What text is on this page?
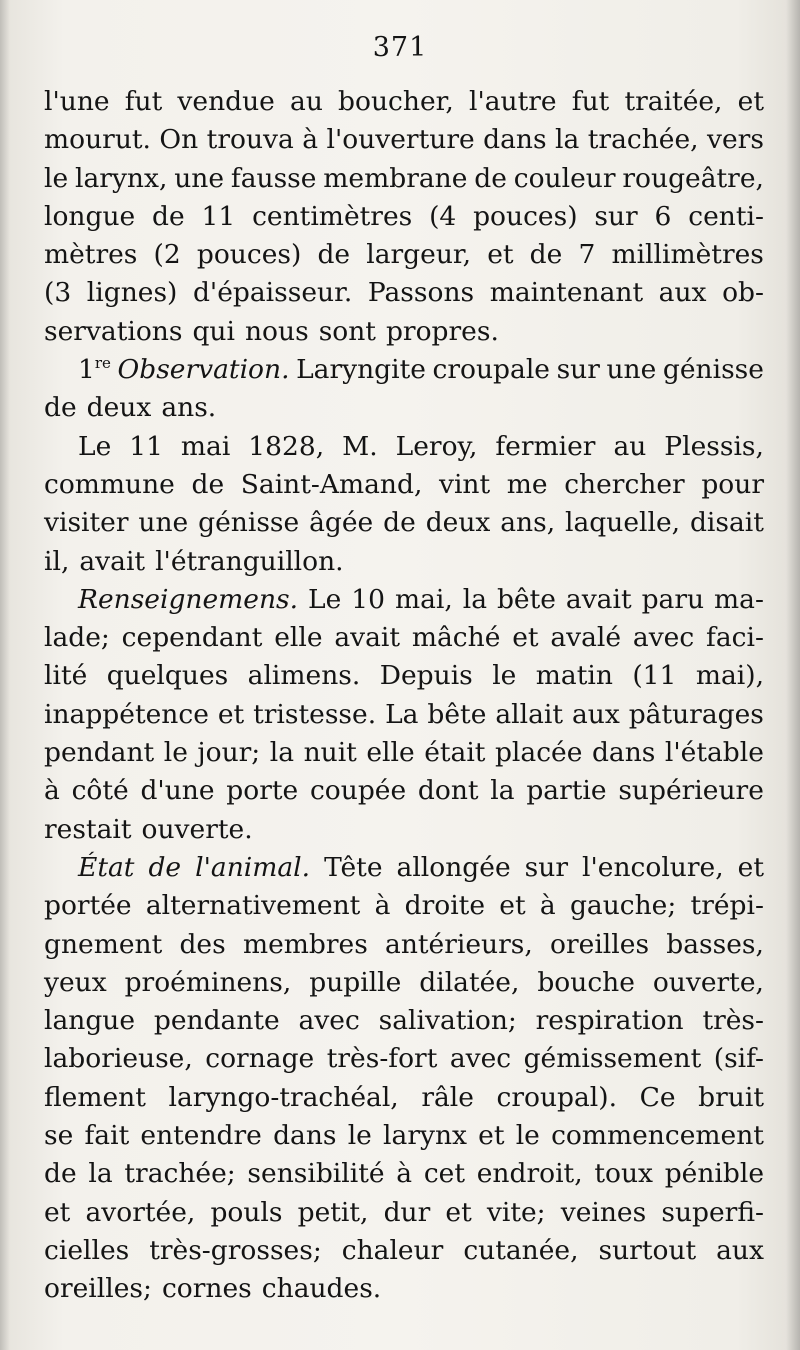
371
l'une fut vendue au boucher, l'autre fut traitée, et
mourut. On trouva à l'ouverture dans la trachée, vers
le larynx, une fausse membrane de couleur rougeâtre,
longue de 11 centimètres (4 pouces) sur 6 centi-
mètres (2 pouces) de largeur, et de 7 millimètres
(3 lignes) d'épaisseur. Passons maintenant aux ob-
servations qui nous sont propres.
1re Observation. Laryngite croupale sur une génisse
de deux ans.
Le 11 mai 1828, M. Leroy, fermier au Plessis,
commune de Saint-Amand, vint me chercher pour
visiter une génisse âgée de deux ans, laquelle, disait
il, avait l'étranguillon.
Renseignemens. Le 10 mai, la bête avait paru ma-
lade; cependant elle avait mâché et avalé avec faci-
lité quelques alimens. Depuis le matin (11 mai),
inappétence et tristesse. La bête allait aux pâturages
pendant le jour; la nuit elle était placée dans l'étable
à côté d'une porte coupée dont la partie supérieure
restait ouverte.
État de l'animal. Tête allongée sur l'encolure, et
portée alternativement à droite et à gauche; trépi-
gnement des membres antérieurs, oreilles basses,
yeux proéminens, pupille dilatée, bouche ouverte,
langue pendante avec salivation; respiration très-
laborieuse, cornage très-fort avec gémissement (sif-
flement laryngo-trachéal, râle croupal). Ce bruit
se fait entendre dans le larynx et le commencement
de la trachée; sensibilité à cet endroit, toux pénible
et avortée, pouls petit, dur et vite; veines superfi-
cielles très-grosses; chaleur cutanée, surtout aux
oreilles; cornes chaudes.
